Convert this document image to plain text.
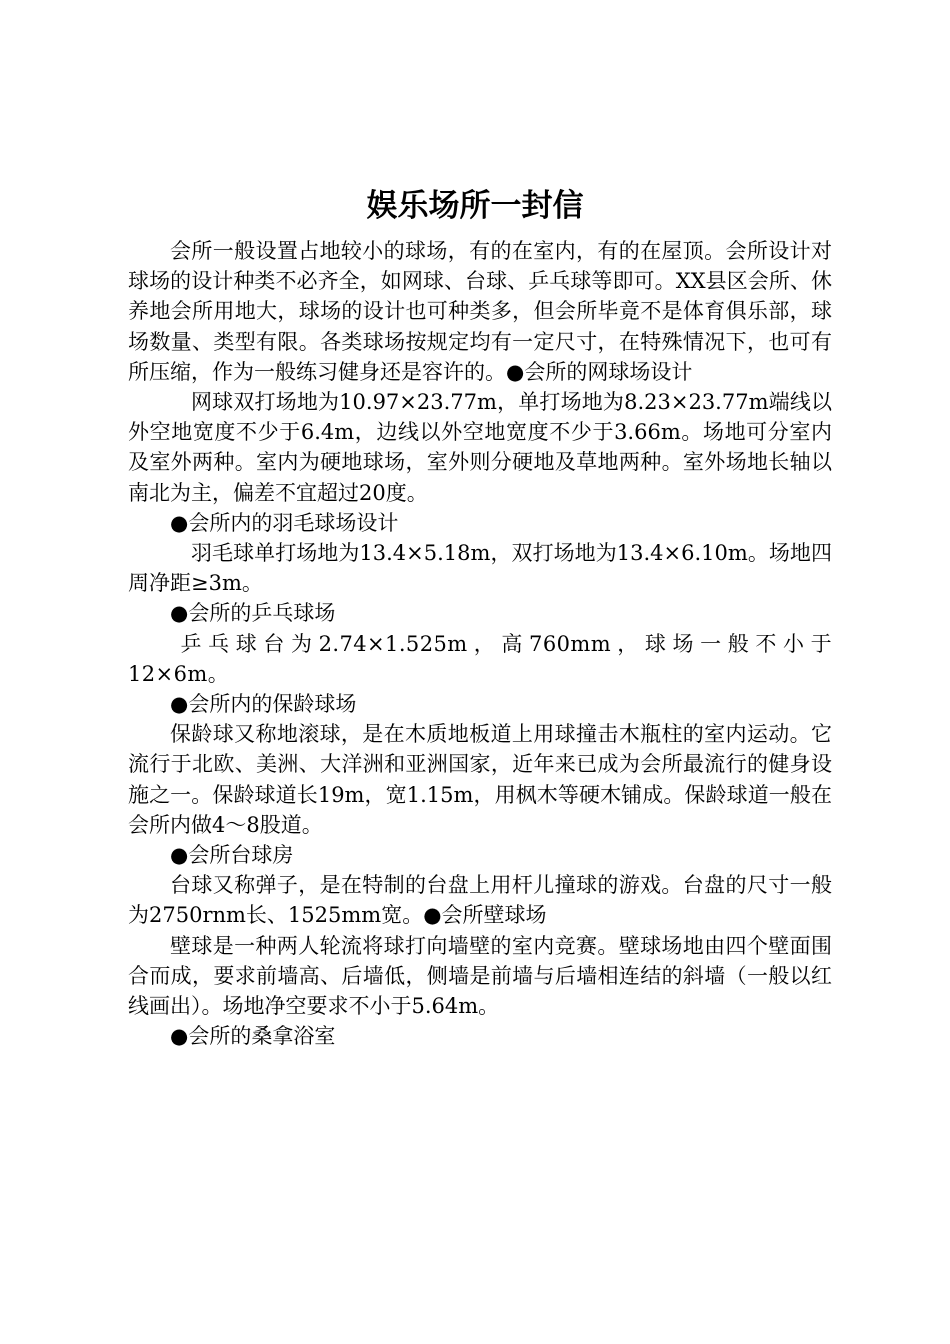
娱乐场所一封信

会所一般设置占地较小的球场，有的在室内，有的在屋顶。会所设计对球场的设计种类不必齐全，如网球、台球、乒乓球等即可。XX县区会所、休养地会所用地大，球场的设计也可种类多，但会所毕竟不是体育俱乐部，球场数量、类型有限。各类球场按规定均有一定尺寸，在特殊情况下，也可有所压缩，作为一般练习健身还是容许的。●会所的网球场设计

网球双打场地为10.97×23.77m，单打场地为8.23×23.77m端线以外空地宽度不少于6.4m，边线以外空地宽度不少于3.66m。场地可分室内及室外两种。室内为硬地球场，室外则分硬地及草地两种。室外场地长轴以南北为主，偏差不宜超过20度。

●会所内的羽毛球场设计

羽毛球单打场地为13.4×5.18m，双打场地为13.4×6.10m。场地四周净距≥3m。

●会所的乒乓球场

乒乓球台为2.74×1.525m，高760mm，球场一般不小于12×6m。

●会所内的保龄球场

保龄球又称地滚球，是在木质地板道上用球撞击木瓶柱的室内运动。它流行于北欧、美洲、大洋洲和亚洲国家，近年来已成为会所最流行的健身设施之一。保龄球道长19m，宽1.15m，用枫木等硬木铺成。保龄球道一般在会所内做4～8股道。

●会所台球房

台球又称弹子，是在特制的台盘上用杆儿撞球的游戏。台盘的尺寸一般为2750rnm长、1525mm宽。●会所壁球场

壁球是一种两人轮流将球打向墙壁的室内竞赛。壁球场地由四个壁面围合而成，要求前墙高、后墙低，侧墙是前墙与后墙相连结的斜墙（一般以红线画出）。场地净空要求不小于5.64m。

●会所的桑拿浴室
